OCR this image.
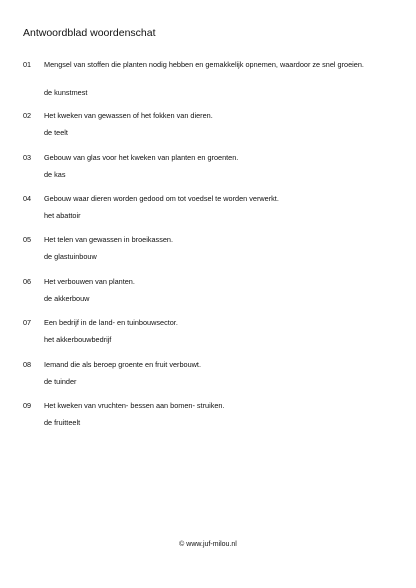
Antwoordblad woordenschat
01 Mengsel van stoffen die planten nodig hebben en gemakkelijk opnemen, waardoor ze snel groeien.
de kunstmest
02 Het kweken van gewassen of het fokken van dieren.
de teelt
03 Gebouw van glas voor het kweken van planten en groenten.
de kas
04 Gebouw waar dieren worden gedood om tot voedsel te worden verwerkt.
het abattoir
05 Het telen van gewassen in broeikassen.
de glastuinbouw
06 Het verbouwen van planten.
de akkerbouw
07 Een bedrijf in de land- en tuinbouwsector.
het akkerbouwbedrijf
08 Iemand die als beroep groente en fruit verbouwt.
de tuinder
09 Het kweken van vruchten- bessen aan bomen- struiken.
de fruitteelt
© www.juf-milou.nl
